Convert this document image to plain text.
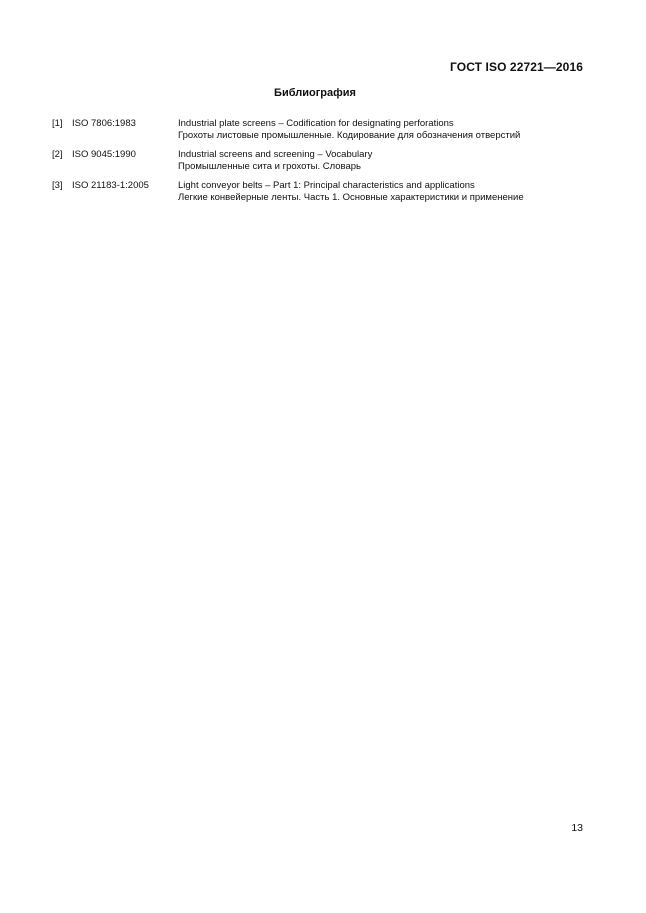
ГОСТ ISO 22721—2016
Библиография
[1] ISO 7806:1983	Industrial plate screens – Codification for designating perforations
Грохоты листовые промышленные. Кодирование для обозначения отверстий
[2] ISO 9045:1990	Industrial screens and screening – Vocabulary
Промышленные сита и грохоты. Словарь
[3] ISO 21183-1:2005	Light conveyor belts – Part 1: Principal characteristics and applications
Легкие конвейерные ленты. Часть 1. Основные характеристики и применение
13
